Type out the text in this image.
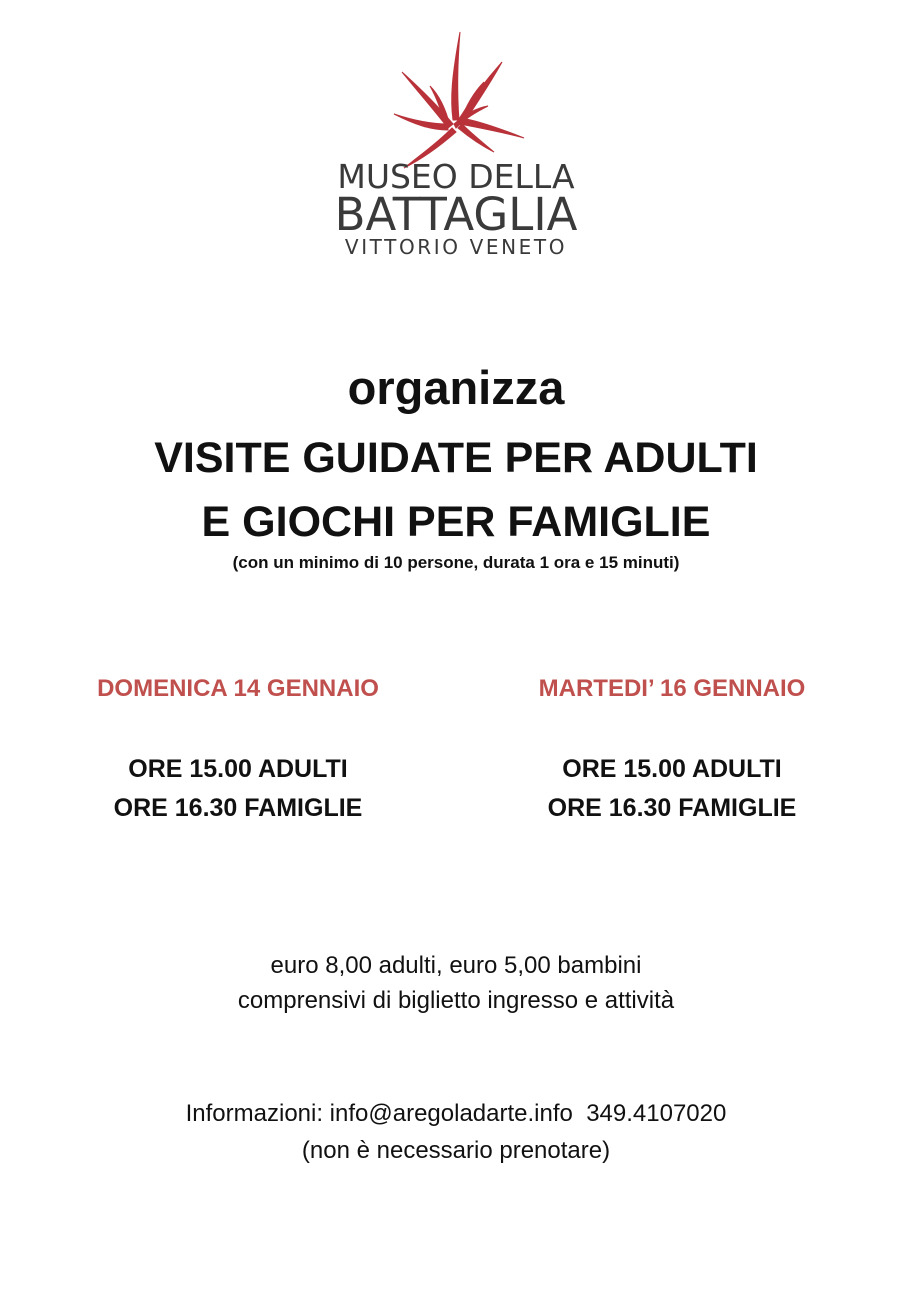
MUSEO DELLA
BATTAGLIA
VITTORIO VENETO
organizza
VISITE GUIDATE PER ADULTI
E GIOCHI PER FAMIGLIE
(con un minimo di 10 persone, durata 1 ora e 15 minuti)

DOMENICA 14 GENNAIO

ORE 15.00 ADULTI
ORE 16.30 FAMIGLIE

MARTEDI’ 16 GENNAIO

ORE 15.00 ADULTI
ORE 16.30 FAMIGLIE
euro 8,00 adulti, euro 5,00 bambini
comprensivi di biglietto ingresso e attività
Informazioni: info@aregoladarte.info  349.4107020
(non è necessario prenotare)
